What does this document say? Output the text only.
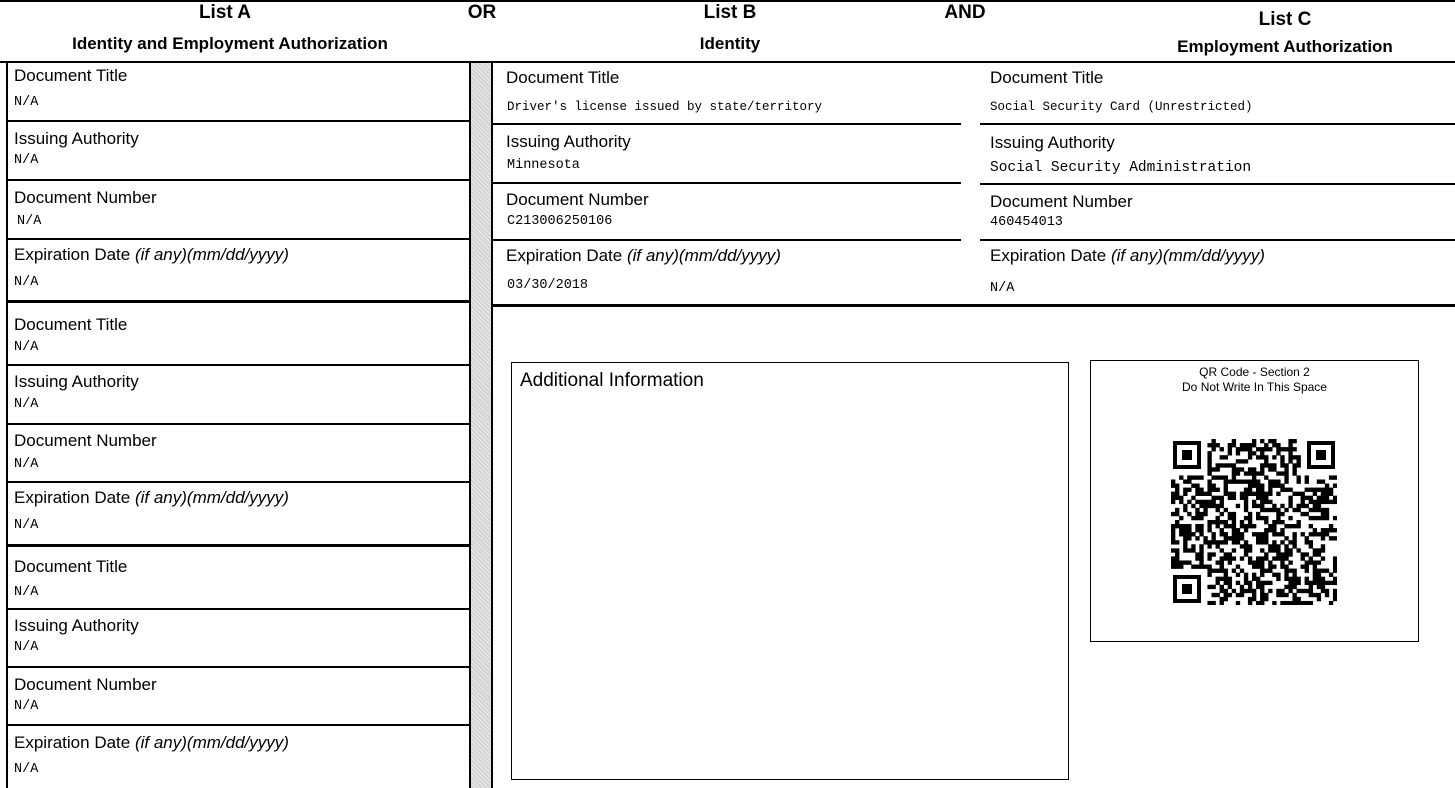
List A
Identity and Employment Authorization
OR	List B
Identity
AND	List C
Employment Authorization
Document Title
N/A
Issuing Authority
N/A
Document Number
N/A
Expiration Date (if any)(mm/dd/yyyy)
N/A
Document Title
N/A
Issuing Authority
N/A
Document Number
N/A
Expiration Date (if any)(mm/dd/yyyy)
N/A
Document Title
N/A
Issuing Authority
N/A
Document Number
N/A
Expiration Date (if any)(mm/dd/yyyy)
N/A
Document Title
Driver's license issued by state/territory
Issuing Authority
Minnesota
Document Number
C213006250106
Expiration Date (if any)(mm/dd/yyyy)
03/30/2018
Document Title
Social Security Card (Unrestricted)
Issuing Authority
Social Security Administration
Document Number
460454013
Expiration Date (if any)(mm/dd/yyyy)
N/A
Additional Information	QR Code - Section 2
Do Not Write In This Space
